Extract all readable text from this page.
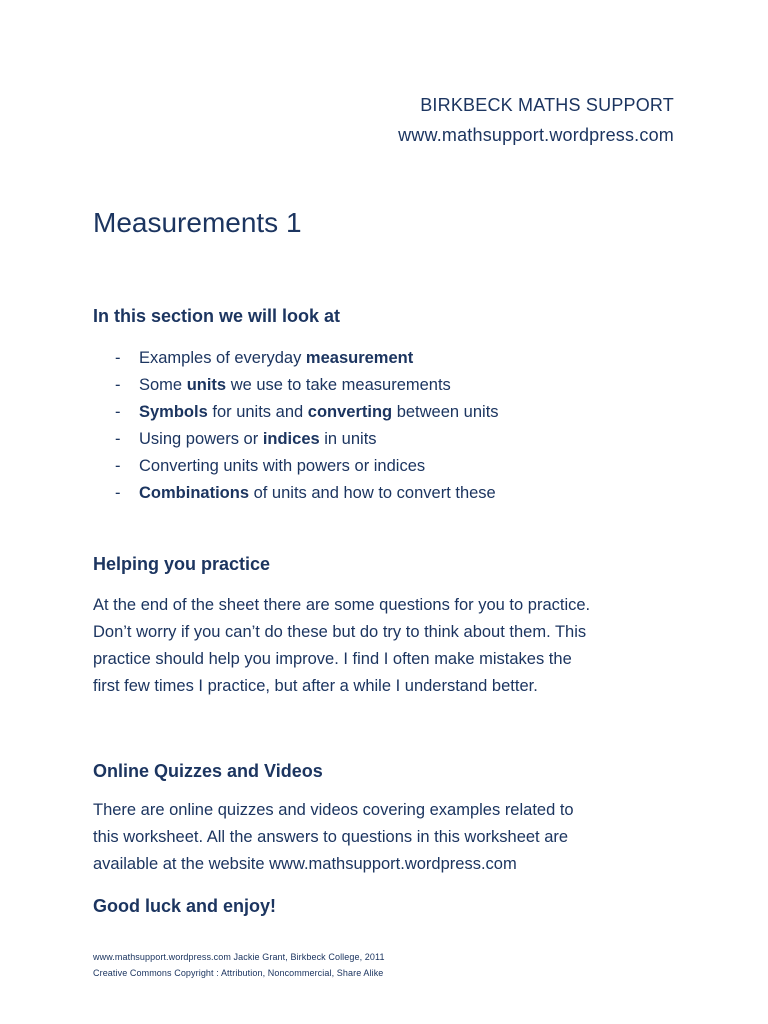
BIRKBECK MATHS SUPPORT
www.mathsupport.wordpress.com
Measurements 1
In this section we will look at
- Examples of everyday measurement
- Some units we use to take measurements
- Symbols for units and converting between units
- Using powers or indices in units
- Converting units with powers or indices
- Combinations of units and how to convert these
Helping you practice

At the end of the sheet there are some questions for you to practice.
Don’t worry if you can’t do these but do try to think about them. This
practice should help you improve. I find I often make mistakes the
first few times I practice, but after a while I understand better.

Online Quizzes and Videos

There are online quizzes and videos covering examples related to
this worksheet. All the answers to questions in this worksheet are
available at the website www.mathsupport.wordpress.com

Good luck and enjoy!
www.mathsupport.wordpress.com Jackie Grant, Birkbeck College, 2011
Creative Commons Copyright : Attribution, Noncommercial, Share Alike
